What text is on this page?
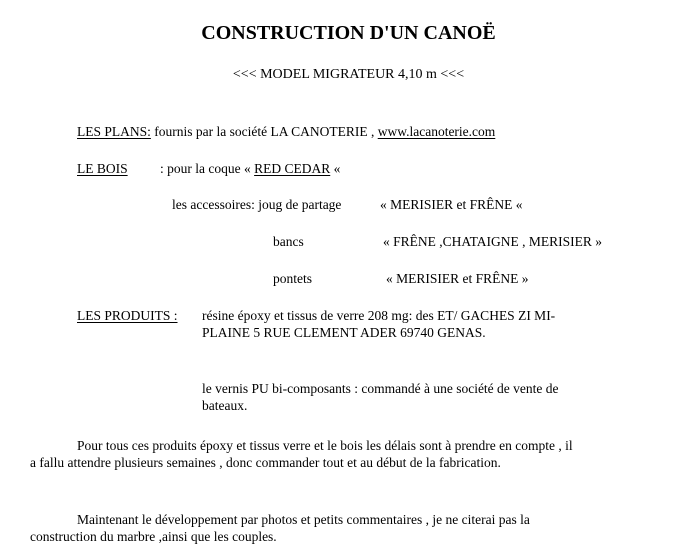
CONSTRUCTION D'UN CANOË
<<< MODEL MIGRATEUR 4,10 m <<<
LES PLANS: fournis par la société LA CANOTERIE , www.lacanoterie.com
LE BOIS : pour la coque « RED CEDAR «
les accessoires: joug de partage	« MERISIER et FRÊNE «
bancs	« FRÊNE ,CHATAIGNE , MERISIER »
pontets	« MERISIER et FRÊNE »
LES PRODUITS : résine époxy et tissus de verre 208 mg: des ET/ GACHES ZI MI-
PLAINE 5 RUE CLEMENT ADER 69740 GENAS.
le vernis PU bi-composants : commandé à une société de vente de
bateaux.
Pour tous ces produits époxy et tissus verre et le bois les délais sont à prendre en compte , il
a fallu attendre plusieurs semaines , donc commander tout et au début de la fabrication.
Maintenant le développement par photos et petits commentaires , je ne citerai pas la
construction du marbre ,ainsi que les couples.
